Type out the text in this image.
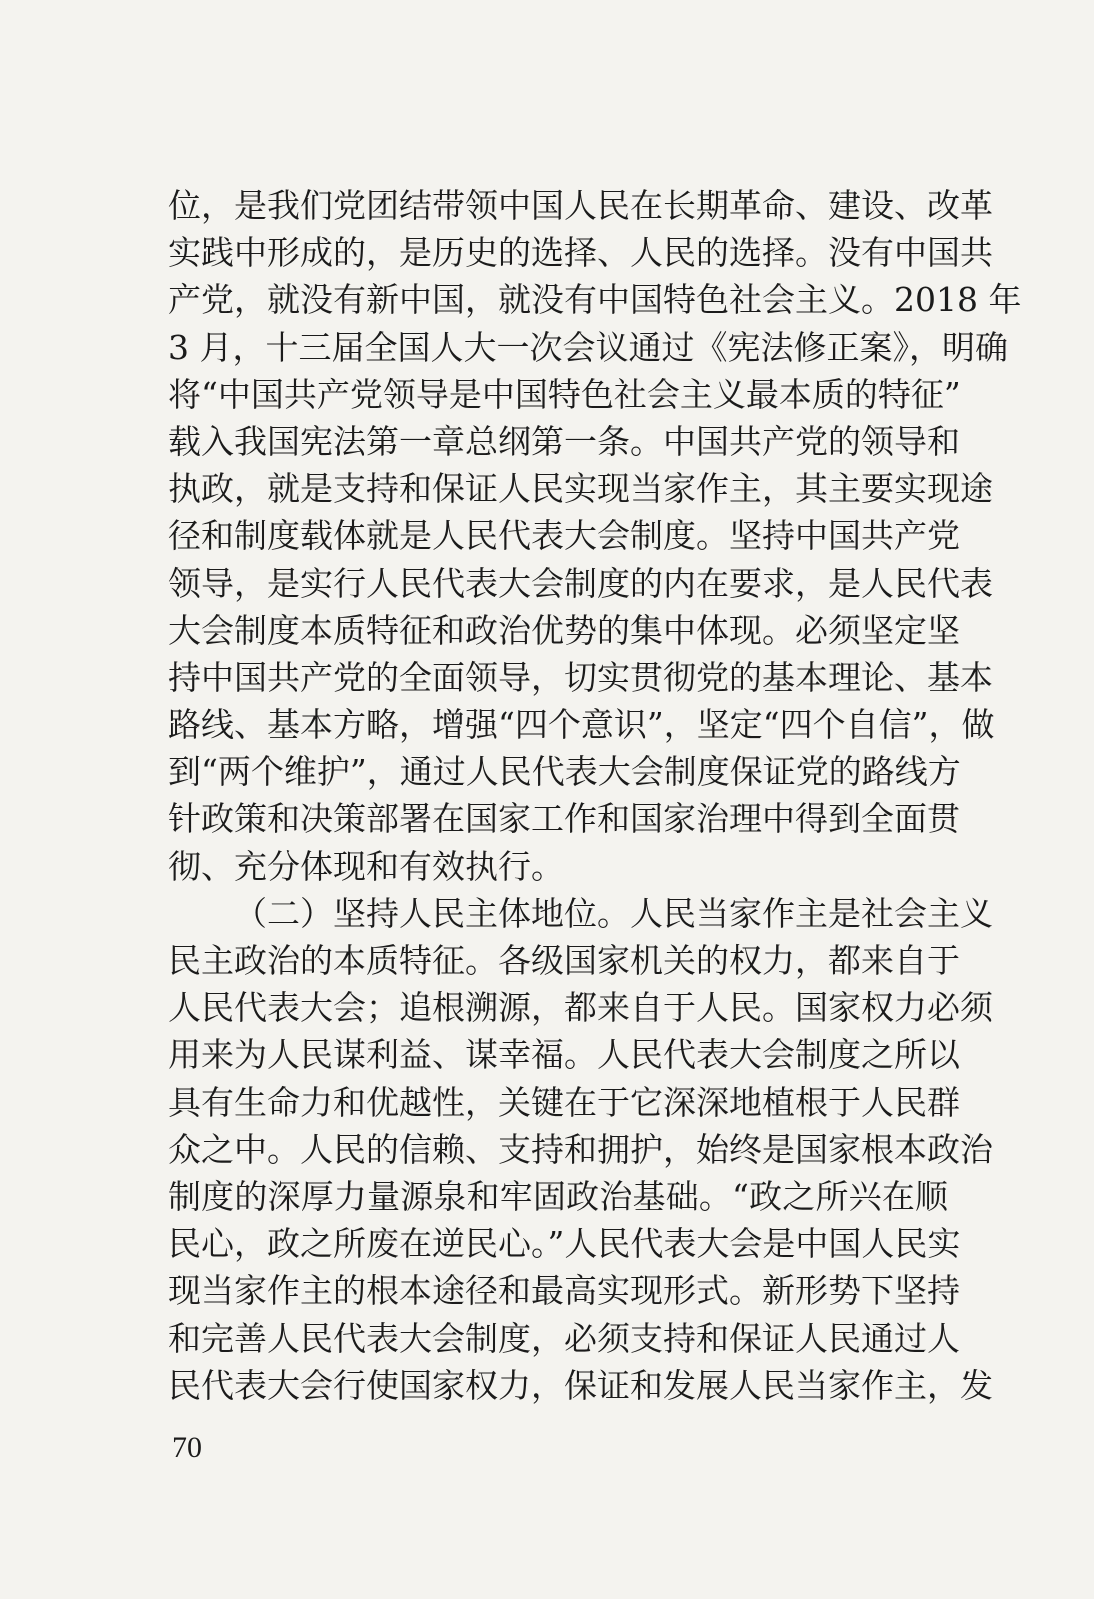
位，是我们党团结带领中国人民在长期革命、建设、改革
实践中形成的，是历史的选择、人民的选择。没有中国共
产党，就没有新中国，就没有中国特色社会主义。2018 年
3 月，十三届全国人大一次会议通过《宪法修正案》，明确
将“中国共产党领导是中国特色社会主义最本质的特征”
载入我国宪法第一章总纲第一条。中国共产党的领导和
执政，就是支持和保证人民实现当家作主，其主要实现途
径和制度载体就是人民代表大会制度。坚持中国共产党
领导，是实行人民代表大会制度的内在要求，是人民代表
大会制度本质特征和政治优势的集中体现。必须坚定坚
持中国共产党的全面领导，切实贯彻党的基本理论、基本
路线、基本方略，增强“四个意识”，坚定“四个自信”，做
到“两个维护”，通过人民代表大会制度保证党的路线方
针政策和决策部署在国家工作和国家治理中得到全面贯
彻、充分体现和有效执行。
（二）坚持人民主体地位。人民当家作主是社会主义
民主政治的本质特征。各级国家机关的权力，都来自于
人民代表大会；追根溯源，都来自于人民。国家权力必须
用来为人民谋利益、谋幸福。人民代表大会制度之所以
具有生命力和优越性，关键在于它深深地植根于人民群
众之中。人民的信赖、支持和拥护，始终是国家根本政治
制度的深厚力量源泉和牢固政治基础。“政之所兴在顺
民心，政之所废在逆民心。”人民代表大会是中国人民实
现当家作主的根本途径和最高实现形式。新形势下坚持
和完善人民代表大会制度，必须支持和保证人民通过人
民代表大会行使国家权力，保证和发展人民当家作主，发
70
